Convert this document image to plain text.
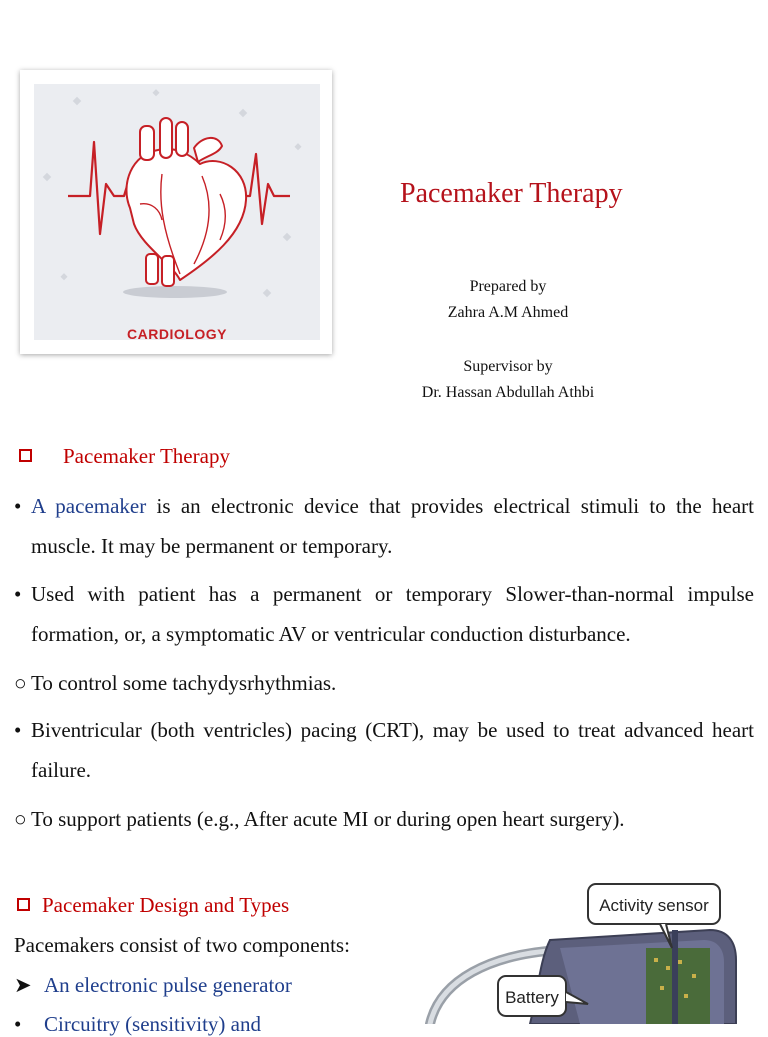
CARDIOLOGY
Pacemaker Therapy
Prepared by
Zahra A.M Ahmed
Supervisor by
Dr. Hassan Abdullah Athbi
Pacemaker Therapy
• A pacemaker is an electronic device that provides electrical stimuli to the heart muscle. It may be permanent or temporary.
• Used with patient has a permanent or temporary Slower-than-normal impulse formation, or, a symptomatic AV or ventricular conduction disturbance.
○ To control some tachydysrhythmias.
• Biventricular (both ventricles) pacing (CRT), may be used to treat advanced heart failure.
○ To support patients (e.g., After acute MI or during open heart surgery).
Pacemaker Design and Types
Pacemakers consist of two components:
➤ An electronic pulse generator
• Circuitry (sensitivity) and
Activity sensor
Battery
